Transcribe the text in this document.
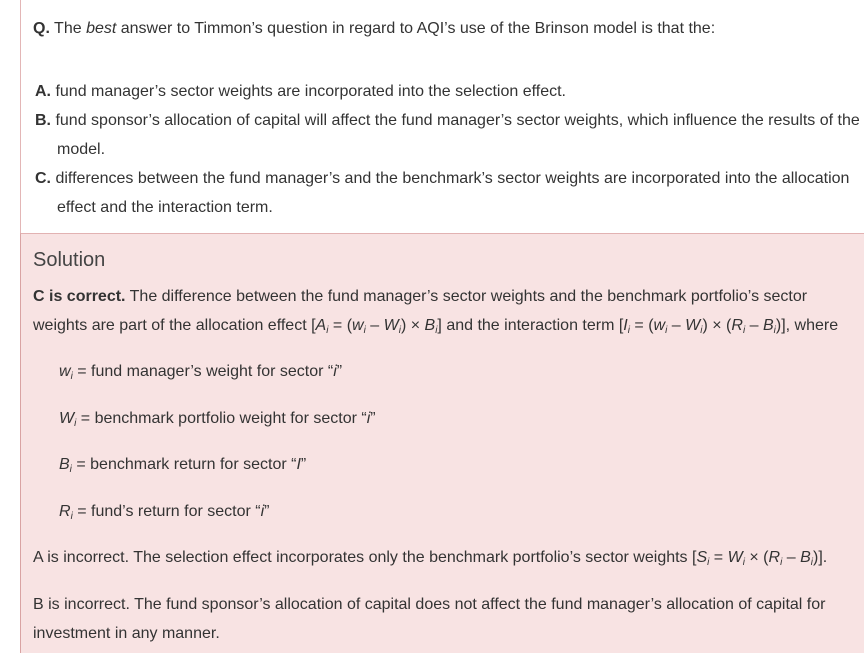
Q. The best answer to Timmon’s question in regard to AQI’s use of the Brinson model is that the:
A. fund manager’s sector weights are incorporated into the selection effect.
B. fund sponsor’s allocation of capital will affect the fund manager’s sector weights, which influence the results of the
model.
C. differences between the fund manager’s and the benchmark’s sector weights are incorporated into the allocation
effect and the interaction term.
Solution
C is correct. The difference between the fund manager’s sector weights and the benchmark portfolio’s sector weights are part of the allocation effect $[A_i = (w_i - W_i) \times B_i]$ and the interaction term $[I_i = (w_i - W_i) \times (R_i - B_i)]$, where
$w_i$ = fund manager’s weight for sector “i”
$W_i$ = benchmark portfolio weight for sector “i”
$B_i$ = benchmark return for sector “I”
$R_i$ = fund’s return for sector “i”
A is incorrect. The selection effect incorporates only the benchmark portfolio’s sector weights $[S_i = W_i \times (R_i - B_i)]$.
B is incorrect. The fund sponsor’s allocation of capital does not affect the fund manager’s allocation of capital for
investment in any manner.
